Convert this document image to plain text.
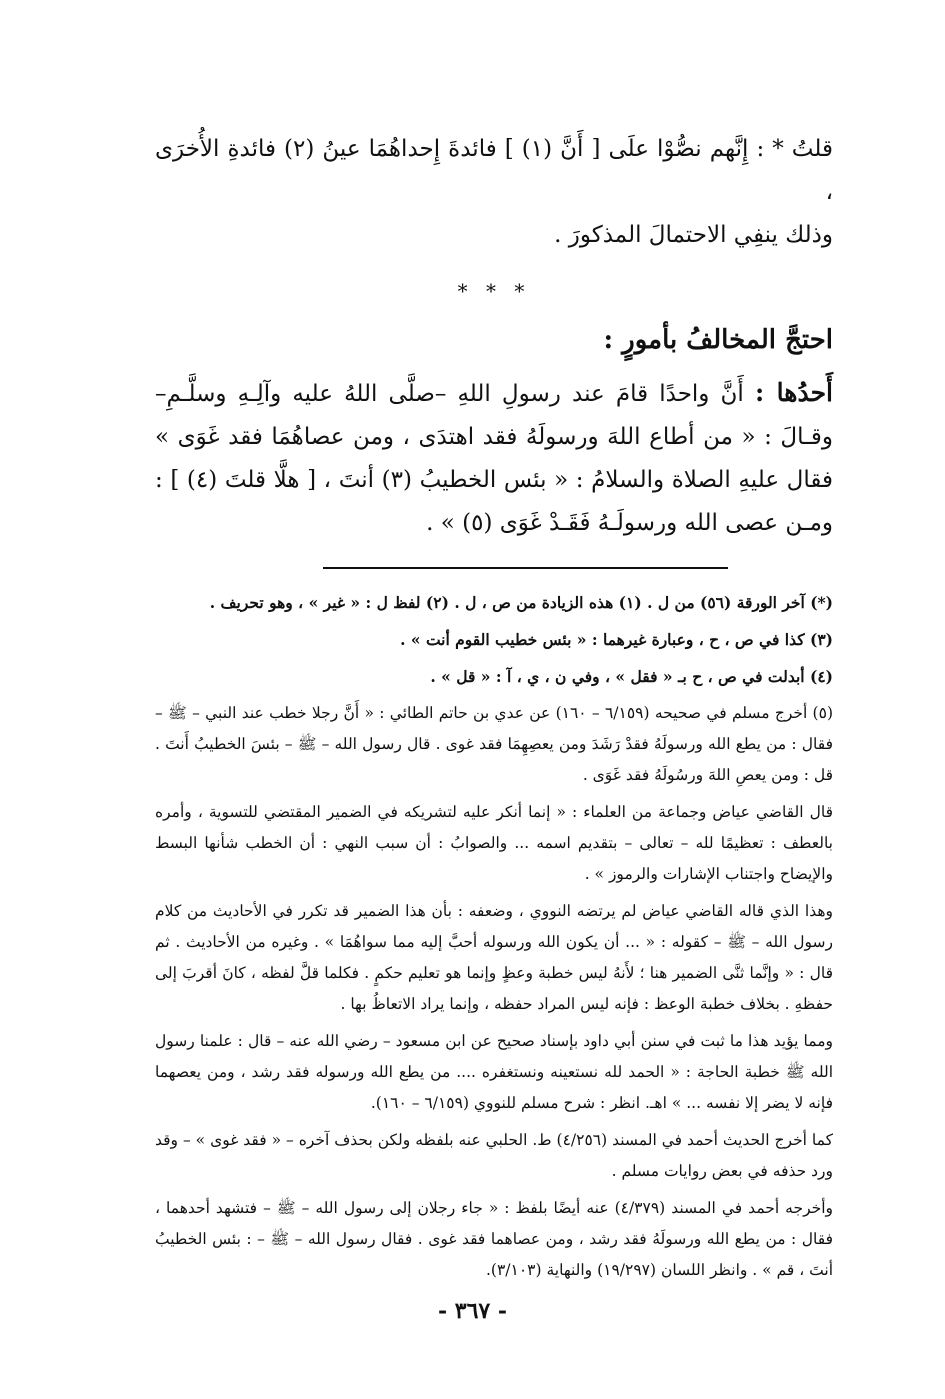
قلتُ * : إِنَّهم نصُّوْا علَى [ أَنَّ (١) ] فائدةَ إِحداهُمَا عينُ (٢) فائدةِ الأُخرَى ،
وذلك ينفِي الاحتمالَ المذكورَ .

* * *

احتجَّ المخالفُ بأمورٍ :

أَحدُها : أَنَّ واحدًا قامَ عند رسولِ اللهِ –صلَّى اللهُ عليه وآلِـهِ وسلَّـمِ– وقـالَ : « من أطاع اللهَ ورسولَهُ فقد اهتدَى ، ومن عصاهُمَا فقد غَوَى » فقال عليهِ الصلاة والسلامُ : « بئس الخطيبُ (٣) أنتَ ، [ هلَّا قلتَ (٤) ] : ومـن عصى الله ورسولَـهُ فَقَـدْ غَوَى (٥) » .

(*) آخر الورقة (٥٦) من ل . (١) هذه الزيادة من ص ، ل . (٢) لفظ ل : « غير » ، وهو تحريف .

(٣) كذا في ص ، ح ، وعبارة غيرهما : « بئس خطيب القوم أنت » .

(٤) أبدلت في ص ، ح بـ « فقل » ، وفي ن ، ي ، آ : « قل » .

(٥) أخرج مسلم في صحيحه (٦/١٥٩ – ١٦٠) عن عدي بن حاتم الطائي : « أَنَّ رجلا خطب عند النبي – ﷺ – فقال : من يطع الله ورسولَهُ فقدْ رَشَدَ ومن يعصِهِمَا فقد غوى . قال رسول الله – ﷺ – بئسَ الخطيبُ أَنتَ . قل : ومن يعصِ اللهَ ورسُولَهُ فقد غَوَى .

قال القاضي عياض وجماعة من العلماء : « إنما أنكر عليه لتشريكه في الضمير المقتضي للتسوية ، وأمره بالعطف : تعظيمًا لله – تعالى – بتقديم اسمه ... والصوابُ : أن سبب النهي : أن الخطب شأنها البسط والإيضاح واجتناب الإشارات والرموز » .

وهذا الذي قاله القاضي عياض لم يرتضه النووي ، وضعفه : بأن هذا الضمير قد تكرر في الأحاديث من كلام رسول الله – ﷺ – كقوله : « ... أن يكون الله ورسوله أحبَّ إليه مما سواهُمَا » . وغيره من الأحاديث . ثم قال : « وإنَّما ثنَّى الضمير هنا ؛ لأَنهُ ليس خطبة وعظٍ وإنما هو تعليم حكمٍ . فكلما قلَّ لفظه ، كانَ أقربَ إلى حفظهِ . بخلاف خطبة الوعظ : فإنه ليس المراد حفظه ، وإنما يراد الاتعاظُ بها .

ومما يؤيد هذا ما ثبت في سنن أبي داود بإسناد صحيح عن ابن مسعود – رضي الله عنه – قال : علمنا رسول الله ﷺ خطبة الحاجة : « الحمد لله نستعينه ونستغفره .... من يطع الله ورسوله فقد رشد ، ومن يعصهما فإنه لا يضر إلا نفسه ... » اهـ. انظر : شرح مسلم للنووي (٦/١٥٩ – ١٦٠).

كما أخرج الحديث أحمد في المسند (٤/٢٥٦) ط. الحلبي عنه بلفظه ولكن بحذف آخره – « فقد غوى » – وقد ورد حذفه في بعض روايات مسلم .

وأخرجه أحمد في المسند (٤/٣٧٩) عنه أيضًا بلفظ : « جاء رجلان إلى رسول الله – ﷺ – فتشهد أحدهما ، فقال : من يطع الله ورسولَهُ فقد رشد ، ومن عصاهما فقد غوى . فقال رسول الله – ﷺ – : بئس الخطيبُ أنتَ ، قم » . وانظر اللسان (١٩/٢٩٧) والنهاية (٣/١٠٣).

- ٣٦٧ -
